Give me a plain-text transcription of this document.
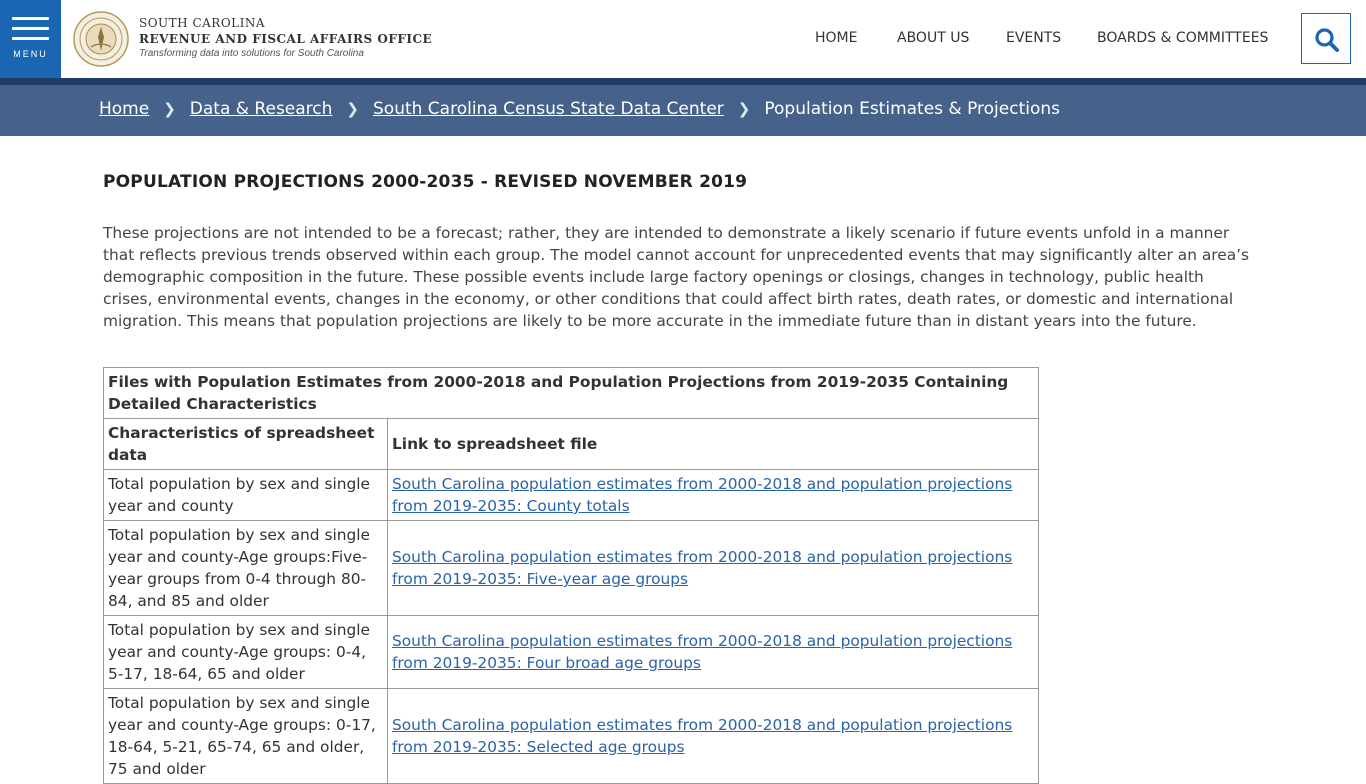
MENU
SOUTH CAROLINA
REVENUE AND FISCAL AFFAIRS OFFICE
Transforming data into solutions for South Carolina
HOME	ABOUT US	EVENTS	BOARDS & COMMITTEES
Home ❯ Data & Research ❯ South Carolina Census State Data Center ❯ Population Estimates & Projections
POPULATION PROJECTIONS 2000-2035 - REVISED NOVEMBER 2019

These projections are not intended to be a forecast; rather, they are intended to demonstrate a likely scenario if future events unfold in a manner that reflects previous trends observed within each group. The model cannot account for unprecedented events that may significantly alter an area’s demographic composition in the future. These possible events include large factory openings or closings, changes in technology, public health crises, environmental events, changes in the economy, or other conditions that could affect birth rates, death rates, or domestic and international migration. This means that population projections are likely to be more accurate in the immediate future than in distant years into the future.

Files with Population Estimates from 2000-2018 and Population Projections from 2019-2035 Containing Detailed Characteristics	
Characteristics of spreadsheet data	Link to spreadsheet file
Total population by sex and single year and county	South Carolina population estimates from 2000-2018 and population projections from 2019-2035: County totals
Total population by sex and single year and county-Age groups:Five-year groups from 0-4 through 80-84, and 85 and older	South Carolina population estimates from 2000-2018 and population projections from 2019-2035: Five-year age groups
Total population by sex and single year and county-Age groups: 0-4, 5-17, 18-64, 65 and older	South Carolina population estimates from 2000-2018 and population projections from 2019-2035: Four broad age groups
Total population by sex and single year and county-Age groups: 0-17, 18-64, 5-21, 65-74, 65 and older, 75 and older	South Carolina population estimates from 2000-2018 and population projections from 2019-2035: Selected age groups
